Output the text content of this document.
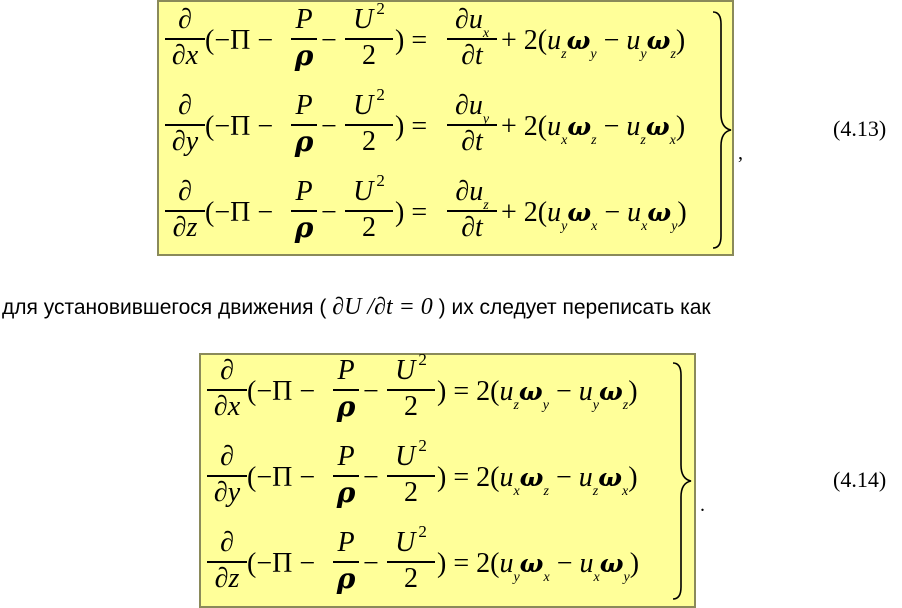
∂
∂x (−Π −
P
ρ −
U $^2$
2 ) =
$\partial u_x$
$\partial t + 2(u_z\omega_y - u_y\omega_z)$
∂
∂y (−Π −
P
ρ −
U $^2$
2 ) =
$\partial u_y$
$\partial t + 2(u_x\omega_z - u_z\omega_x)$
∂
∂z (−Π −
P
ρ −
U $^2$
2 ) =
$\partial u_z$
$\partial t + 2(u_y\omega_x - u_x\omega_y)$
,
(4.13)
для установившегося движения ( ∂U /∂t = 0 ) их следует переписать как
∂
∂x (−Π −
P
ρ −
U $^2$
2 ) = $2(u_z\omega_y - u_y\omega_z)$
∂
∂y (−Π −
P
ρ −
U $^2$
2 ) = $2(u_x\omega_z - u_z\omega_x)$
∂
∂z (−Π −
P
ρ −
U $^2$
2 ) = $2(u_y\omega_x - u_x\omega_y)$
.
(4.14)
